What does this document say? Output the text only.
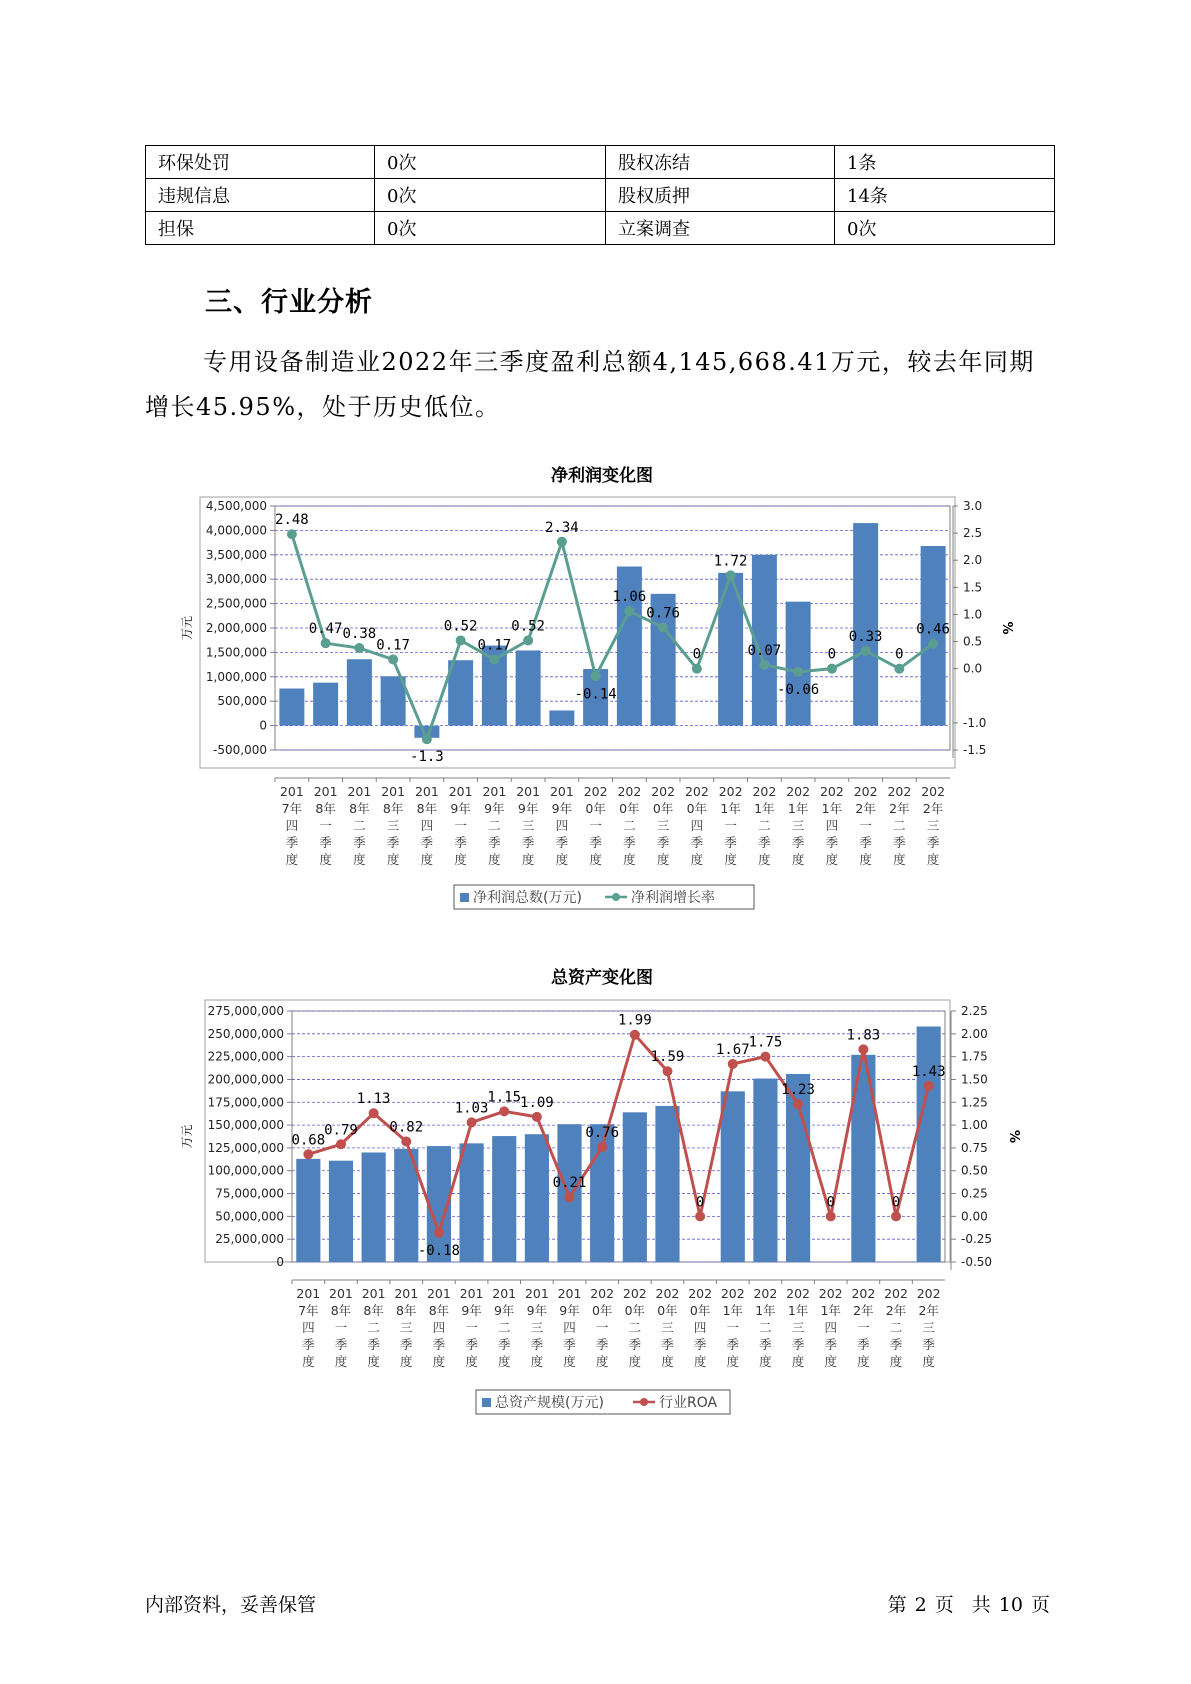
环保处罚	0次	股权冻结	1条
违规信息	0次	股权质押	14条
担保	0次	立案调查	0次
三、行业分析

专用设备制造业2022年三季度盈利总额4,145,668.41万元，较去年同期增长45.95%，处于历史低位。

净利润变化图
4,500,000
4,000,000
3,500,000
3,000,000
2,500,000
2,000,000
1,500,000
1,000,000
500,000
0
-500,000
3.0
2.5
2.0
1.5
1.0
0.5
0.0
-1.0
-1.5
万元	%
2.48
0.47 0.38
0.17
-1.3
0.52
0.17
0.52
2.34
-0.14
1.06
0.76
0
1.72
0.07
-0.06
0
0.33
0
0.46
201
7年
四
季
度
201
8年
一
季
度
201
8年
二
季
度
201
8年
三
季
度
201
8年
四
季
度
201
9年
一
季
度
201
9年
二
季
度
201
9年
三
季
度
201
9年
四
季
度
202
0年
一
季
度
202
0年
二
季
度
202
0年
三
季
度
202
0年
四
季
度
202
1年
一
季
度
202
1年
二
季
度
202
1年
三
季
度
202
1年
四
季
度
202
2年
一
季
度
202
2年
二
季
度
202
2年
三
季
度
净利润总数(万元)	净利润增长率
总资产变化图
275,000,000
250,000,000
225,000,000
200,000,000
175,000,000
150,000,000
125,000,000
100,000,000
75,000,000
50,000,000
25,000,000
0
2.25
2.00
1.75
1.50
1.25
1.00
0.75
0.50
0.25
0.00
-0.25
-0.50
万元	%
0.68
0.79
1.13
0.82
-0.18
1.03
1.15
1.09
0.21
0.76
1.99
1.59
0
1.67
1.75
1.23
0
1.83
0
1.43
201
7年
四
季
度
201
8年
一
季
度
201
8年
二
季
度
201
8年
三
季
度
201
8年
四
季
度
201
9年
一
季
度
201
9年
二
季
度
201
9年
三
季
度
201
9年
四
季
度
202
0年
一
季
度
202
0年
二
季
度
202
0年
三
季
度
202
0年
四
季
度
202
1年
一
季
度
202
1年
二
季
度
202
1年
三
季
度
202
1年
四
季
度
202
2年
一
季
度
202
2年
二
季
度
202
2年
三
季
度
总资产规模(万元)	行业ROA
内部资料，妥善保管	第 2 页 共 10 页
